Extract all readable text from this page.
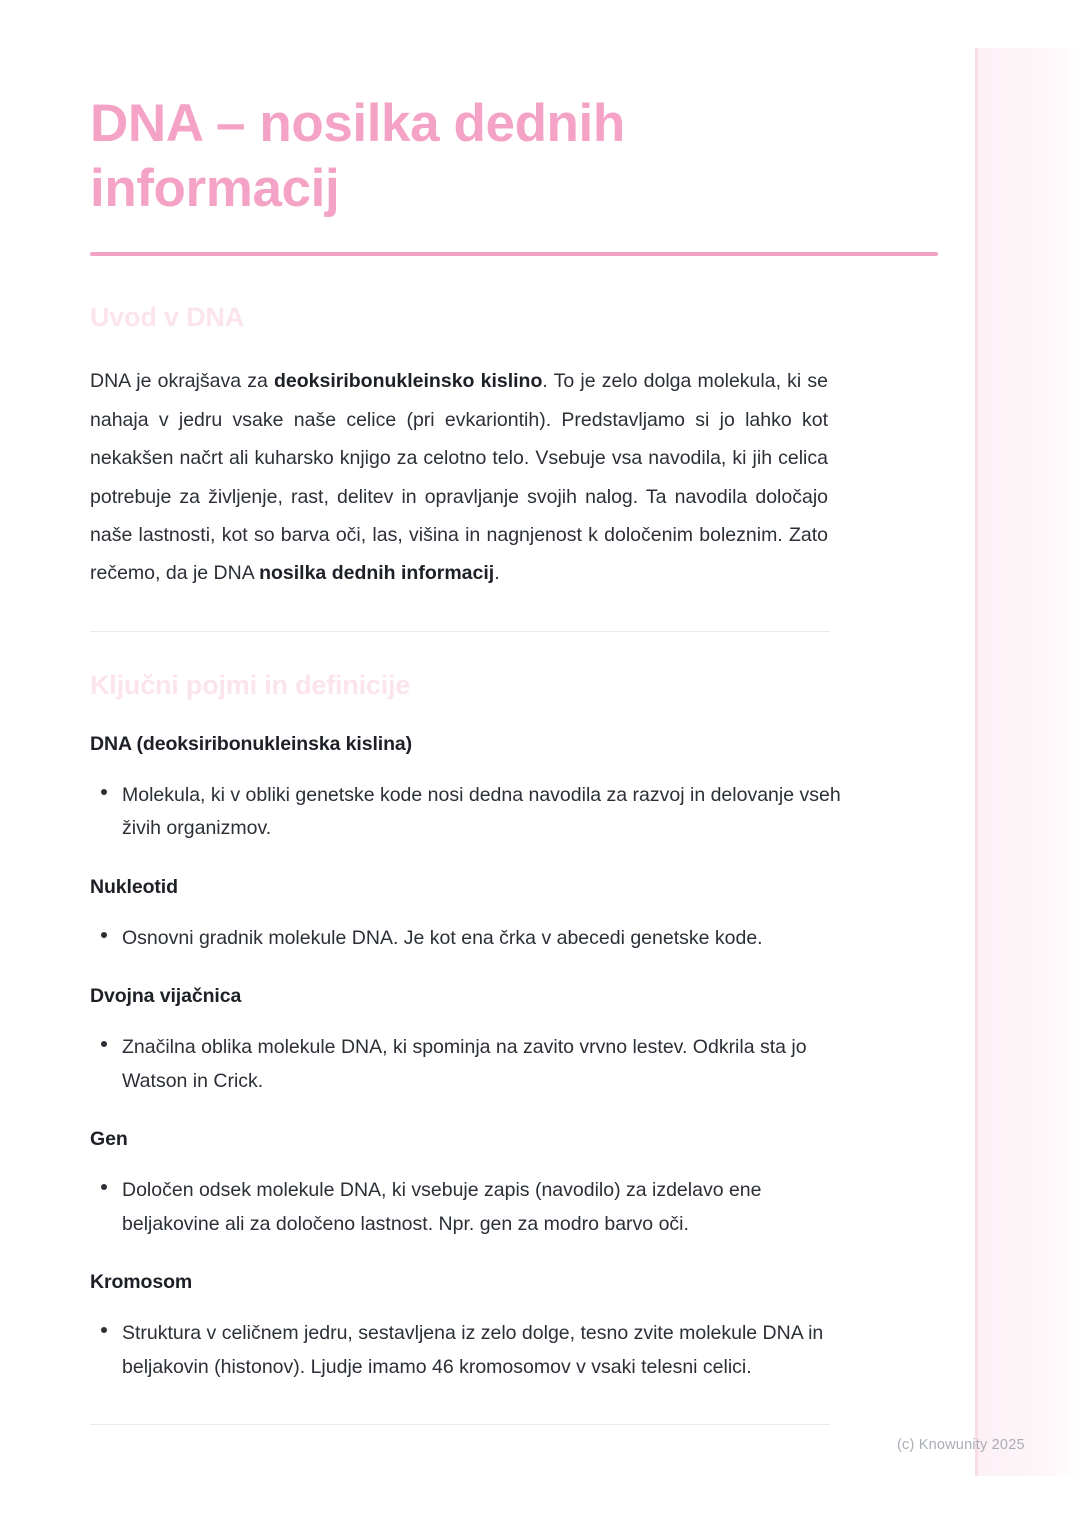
DNA – nosilka dednih informacij
Uvod v DNA

DNA je okrajšava za deoksiribonukleinsko kislino. To je zelo dolga molekula, ki se nahaja v jedru vsake naše celice (pri evkariontih). Predstavljamo si jo lahko kot nekakšen načrt ali kuharsko knjigo za celotno telo. Vsebuje vsa navodila, ki jih celica potrebuje za življenje, rast, delitev in opravljanje svojih nalog. Ta navodila določajo naše lastnosti, kot so barva oči, las, višina in nagnjenost k določenim boleznim. Zato rečemo, da je DNA nosilka dednih informacij.

Ključni pojmi in definicije
DNA (deoksiribonukleinska kislina)
Molekula, ki v obliki genetske kode nosi dedna navodila za razvoj in delovanje vseh živih organizmov.
Nukleotid
Osnovni gradnik molekule DNA. Je kot ena črka v abecedi genetske kode.
Dvojna vijačnica
Značilna oblika molekule DNA, ki spominja na zavito vrvno lestev. Odkrila sta jo Watson in Crick.
Gen
Določen odsek molekule DNA, ki vsebuje zapis (navodilo) za izdelavo ene beljakovine ali za določeno lastnost. Npr. gen za modro barvo oči.
Kromosom
Struktura v celičnem jedru, sestavljena iz zelo dolge, tesno zvite molekule DNA in beljakovin (histonov). Ljudje imamo 46 kromosomov v vsaki telesni celici.
(c) Knowunity 2025
